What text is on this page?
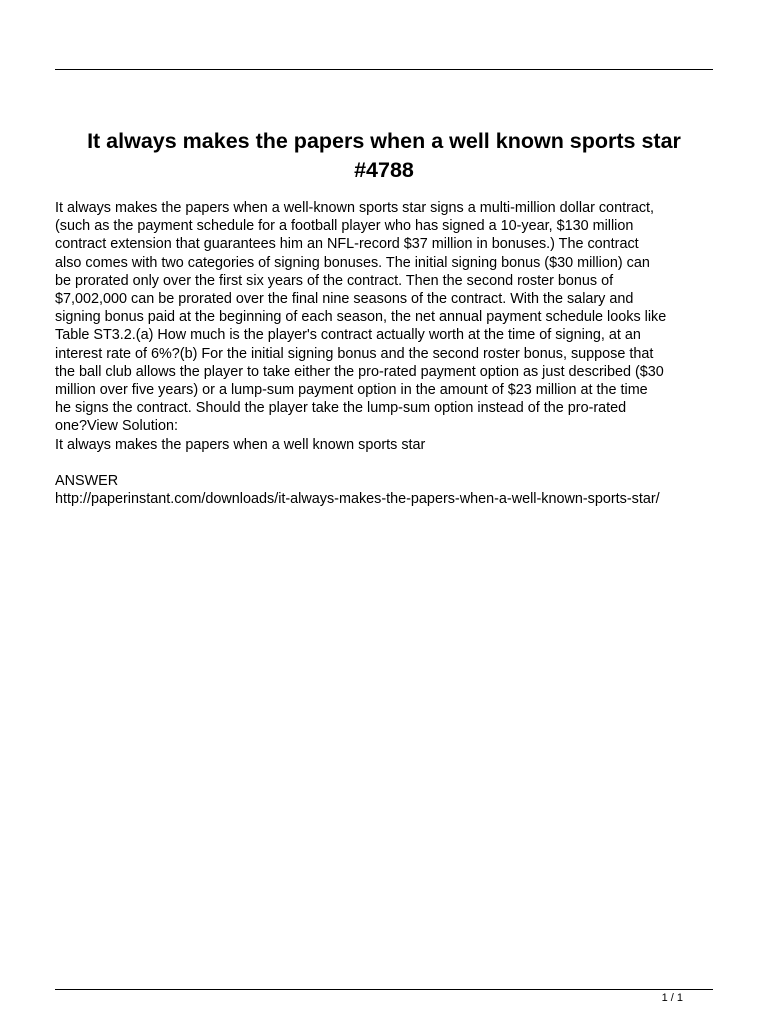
It always makes the papers when a well known sports star
#4788

It always makes the papers when a well-known sports star signs a multi-million dollar contract,
(such as the payment schedule for a football player who has signed a 10-year, $130 million
contract extension that guarantees him an NFL-record $37 million in bonuses.) The contract
also comes with two categories of signing bonuses. The initial signing bonus ($30 million) can
be prorated only over the first six years of the contract. Then the second roster bonus of
$7,002,000 can be prorated over the final nine seasons of the contract. With the salary and
signing bonus paid at the beginning of each season, the net annual payment schedule looks like
Table ST3.2.(a) How much is the player's contract actually worth at the time of signing, at an
interest rate of 6%?(b) For the initial signing bonus and the second roster bonus, suppose that
the ball club allows the player to take either the pro-rated payment option as just described ($30
million over five years) or a lump-sum payment option in the amount of $23 million at the time
he signs the contract. Should the player take the lump-sum option instead of the pro-rated
one?View Solution:
It always makes the papers when a well known sports star

ANSWER
http://paperinstant.com/downloads/it-always-makes-the-papers-when-a-well-known-sports-star/

1 / 1
